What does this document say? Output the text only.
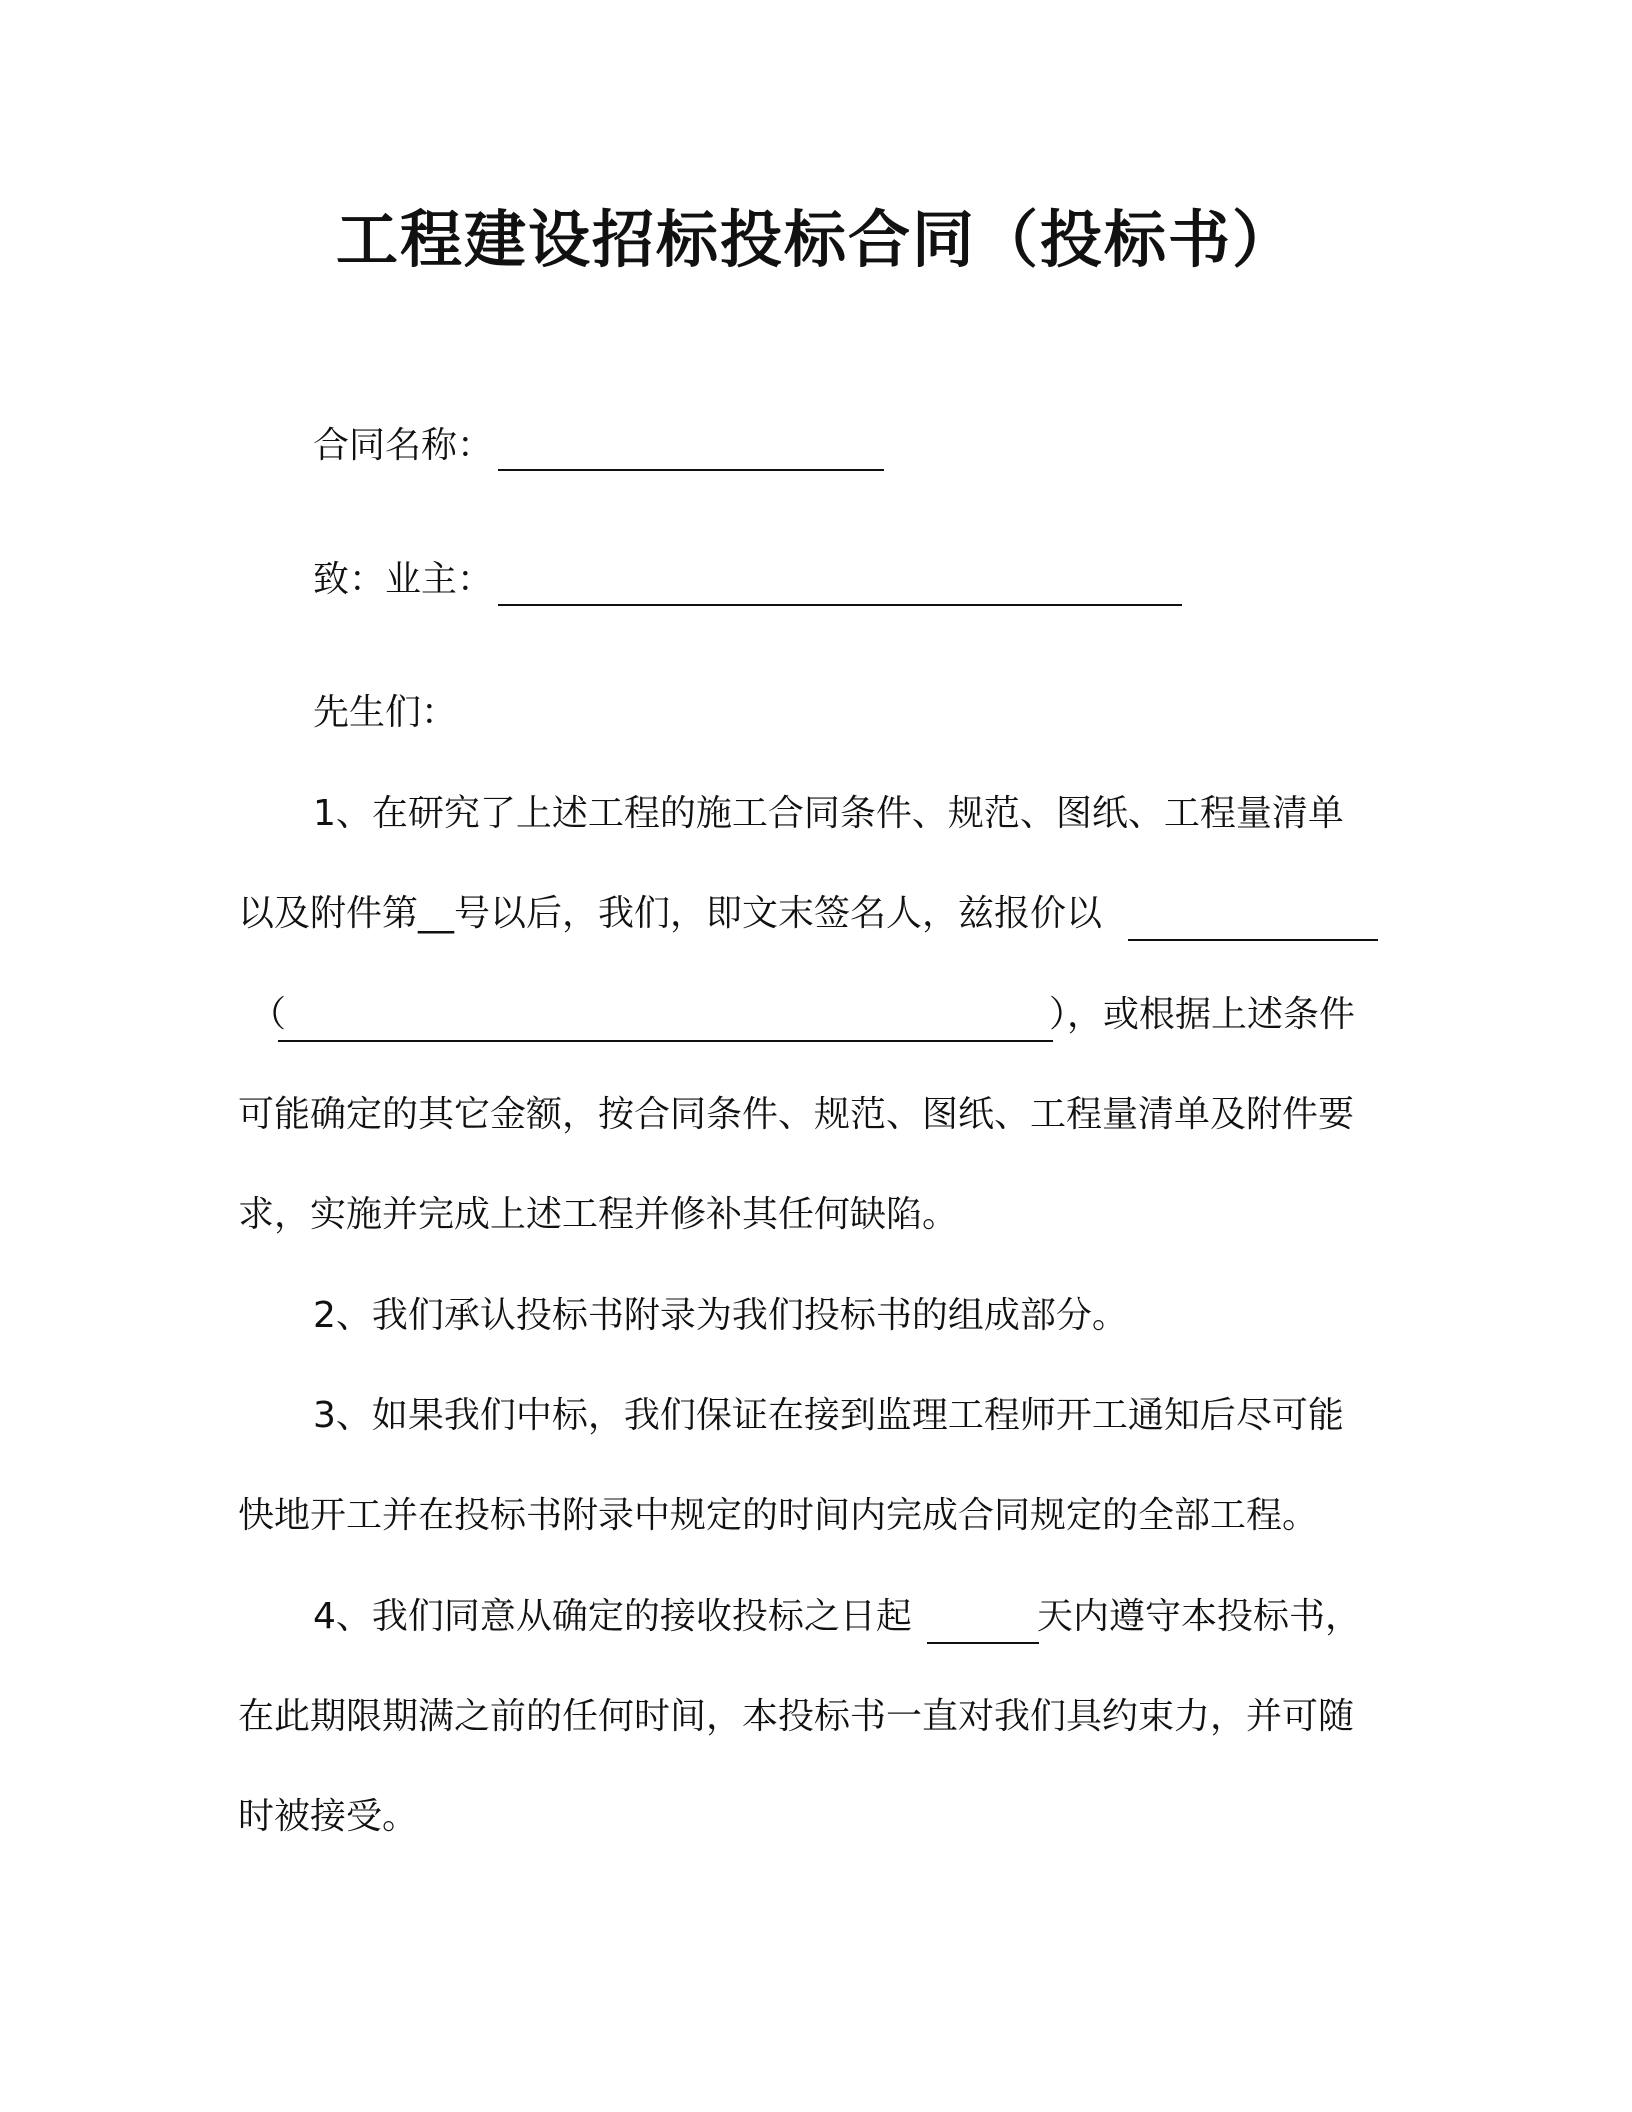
工程建设招标投标合同（投标书）
合同名称：
致：业主：
先生们：
1、在研究了上述工程的施工合同条件、规范、图纸、工程量清单
以及附件第__号以后，我们，即文末签名人，兹报价以
（	），或根据上述条件
可能确定的其它金额，按合同条件、规范、图纸、工程量清单及附件要
求，实施并完成上述工程并修补其任何缺陷。
2、我们承认投标书附录为我们投标书的组成部分。
3、如果我们中标，我们保证在接到监理工程师开工通知后尽可能
快地开工并在投标书附录中规定的时间内完成合同规定的全部工程。
4、我们同意从确定的接收投标之日起	天内遵守本投标书，
在此期限期满之前的任何时间，本投标书一直对我们具约束力，并可随
时被接受。
